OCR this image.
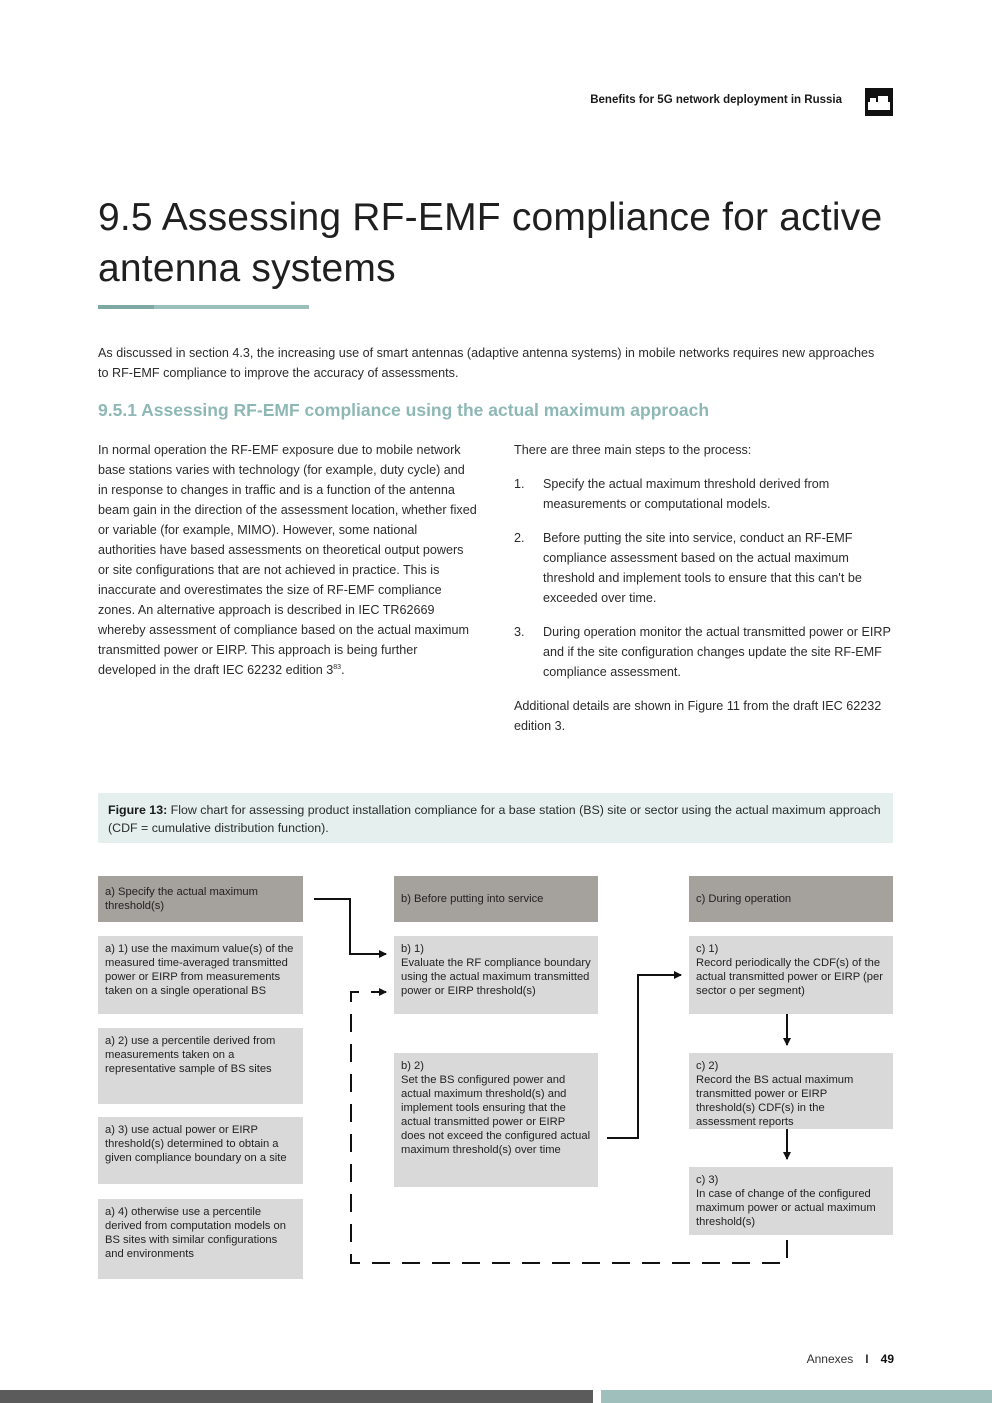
Benefits for 5G network deployment in Russia
9.5 Assessing RF-EMF compliance for active antenna systems

As discussed in section 4.3, the increasing use of smart antennas (adaptive antenna systems) in mobile networks requires new approaches to RF-EMF compliance to improve the accuracy of assessments.

9.5.1 Assessing RF-EMF compliance using the actual maximum approach
In normal operation the RF-EMF exposure due to mobile network base stations varies with technology (for example, duty cycle) and in response to changes in traffic and is a function of the antenna beam gain in the direction of the assessment location, whether fixed or variable (for example, MIMO). However, some national authorities have based assessments on theoretical output powers or site configurations that are not achieved in practice. This is inaccurate and overestimates the size of RF-EMF compliance zones. An alternative approach is described in IEC TR62669 whereby assessment of compliance based on the actual maximum transmitted power or EIRP. This approach is being further developed in the draft IEC 62232 edition $3^{83}$.

There are three main steps to the process:

1. Specify the actual maximum threshold derived from measurements or computational models.
2. Before putting the site into service, conduct an RF-EMF compliance assessment based on the actual maximum threshold and implement tools to ensure that this can't be exceeded over time.
3. During operation monitor the actual transmitted power or EIRP and if the site configuration changes update the site RF-EMF compliance assessment.

Additional details are shown in Figure 11 from the draft IEC 62232 edition 3.

Figure 13: Flow chart for assessing product installation compliance for a base station (BS) site or sector using the actual maximum approach (CDF = cumulative distribution function).
a) Specify the actual maximum threshold(s)
a) 1) use the maximum value(s) of the measured time-averaged transmitted power or EIRP from measurements taken on a single operational BS
a) 2) use a percentile derived from measurements taken on a representative sample of BS sites
a) 3) use actual power or EIRP threshold(s) determined to obtain a given compliance boundary on a site
a) 4) otherwise use a percentile derived from computation models on BS sites with similar configurations and environments
b) Before putting into service
b) 1)
Evaluate the RF compliance boundary using the actual maximum transmitted power or EIRP threshold(s)
b) 2)
Set the BS configured power and actual maximum threshold(s) and implement tools ensuring that the actual transmitted power or EIRP does not exceed the configured actual maximum threshold(s) over time
c) During operation
c) 1)
Record periodically the CDF(s) of the actual transmitted power or EIRP (per sector o per segment)
c) 2)
Record the BS actual maximum transmitted power or EIRP threshold(s) CDF(s) in the assessment reports
c) 3)
In case of change of the configured maximum power or actual maximum threshold(s)
Annexes I 49
